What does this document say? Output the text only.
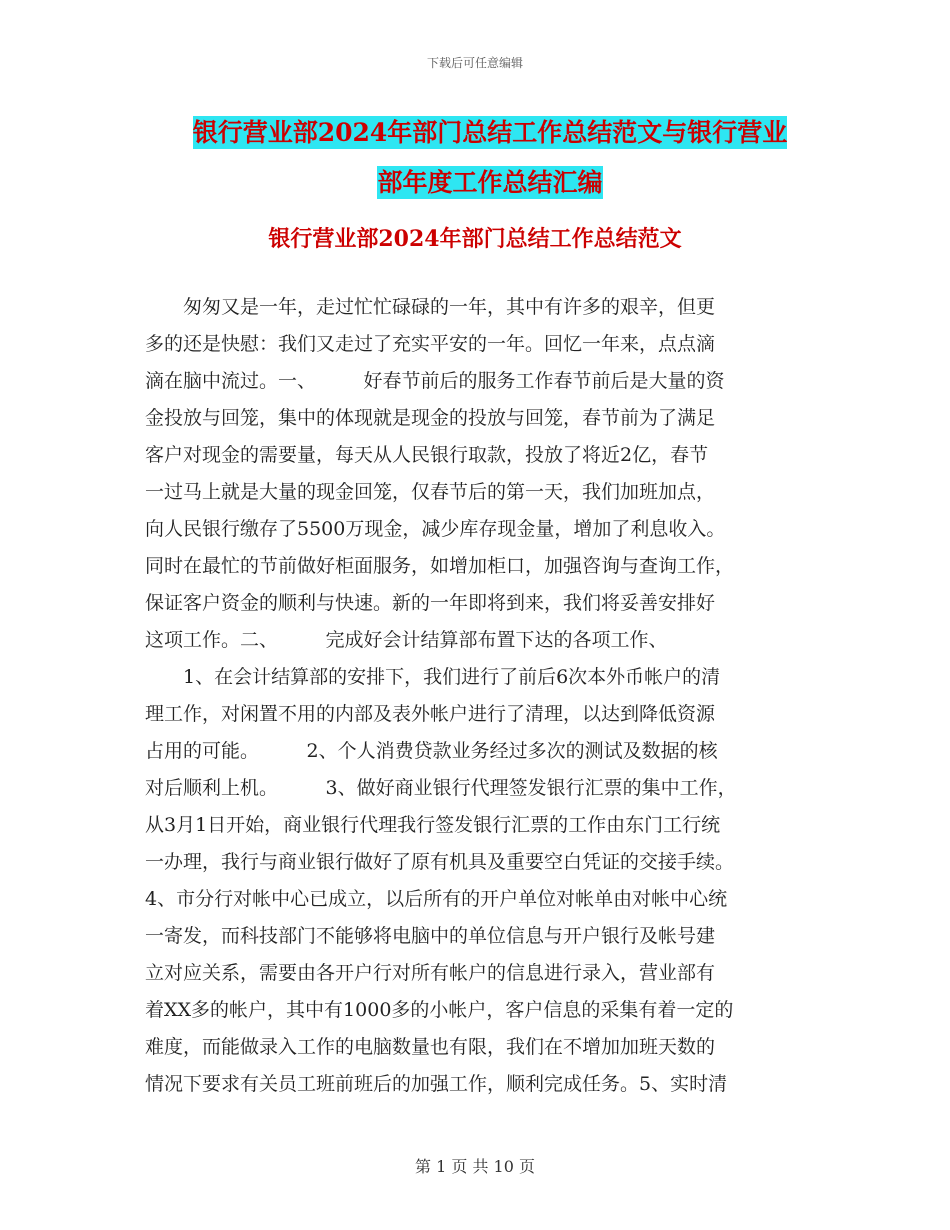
下载后可任意编辑
银行营业部2024年部门总结工作总结范文与银行营业
部年度工作总结汇编
银行营业部2024年部门总结工作总结范文
　　匆匆又是一年，走过忙忙碌碌的一年，其中有许多的艰辛，但更
多的还是快慰：我们又走过了充实平安的一年。回忆一年来，点点滴
滴在脑中流过。一、　　　好春节前后的服务工作春节前后是大量的资
金投放与回笼，集中的体现就是现金的投放与回笼，春节前为了满足
客户对现金的需要量，每天从人民银行取款，投放了将近2亿，春节
一过马上就是大量的现金回笼，仅春节后的第一天，我们加班加点，
向人民银行缴存了5500万现金，减少库存现金量，增加了利息收入。
同时在最忙的节前做好柜面服务，如增加柜口，加强咨询与查询工作，
保证客户资金的顺利与快速。新的一年即将到来，我们将妥善安排好
这项工作。二、　　　完成好会计结算部布置下达的各项工作、
　　1、在会计结算部的安排下，我们进行了前后6次本外币帐户的清
理工作，对闲置不用的内部及表外帐户进行了清理，以达到降低资源
占用的可能。　　　2、个人消费贷款业务经过多次的测试及数据的核
对后顺利上机。　　　3、做好商业银行代理签发银行汇票的集中工作，
从3月1日开始，商业银行代理我行签发银行汇票的工作由东门工行统
一办理，我行与商业银行做好了原有机具及重要空白凭证的交接手续。
4、市分行对帐中心已成立，以后所有的开户单位对帐单由对帐中心统
一寄发，而科技部门不能够将电脑中的单位信息与开户银行及帐号建
立对应关系，需要由各开户行对所有帐户的信息进行录入，营业部有
着XX多的帐户，其中有1000多的小帐户，客户信息的采集有着一定的
难度，而能做录入工作的电脑数量也有限，我们在不增加加班天数的
情况下要求有关员工班前班后的加强工作，顺利完成任务。5、实时清
第 1 页 共 10 页
